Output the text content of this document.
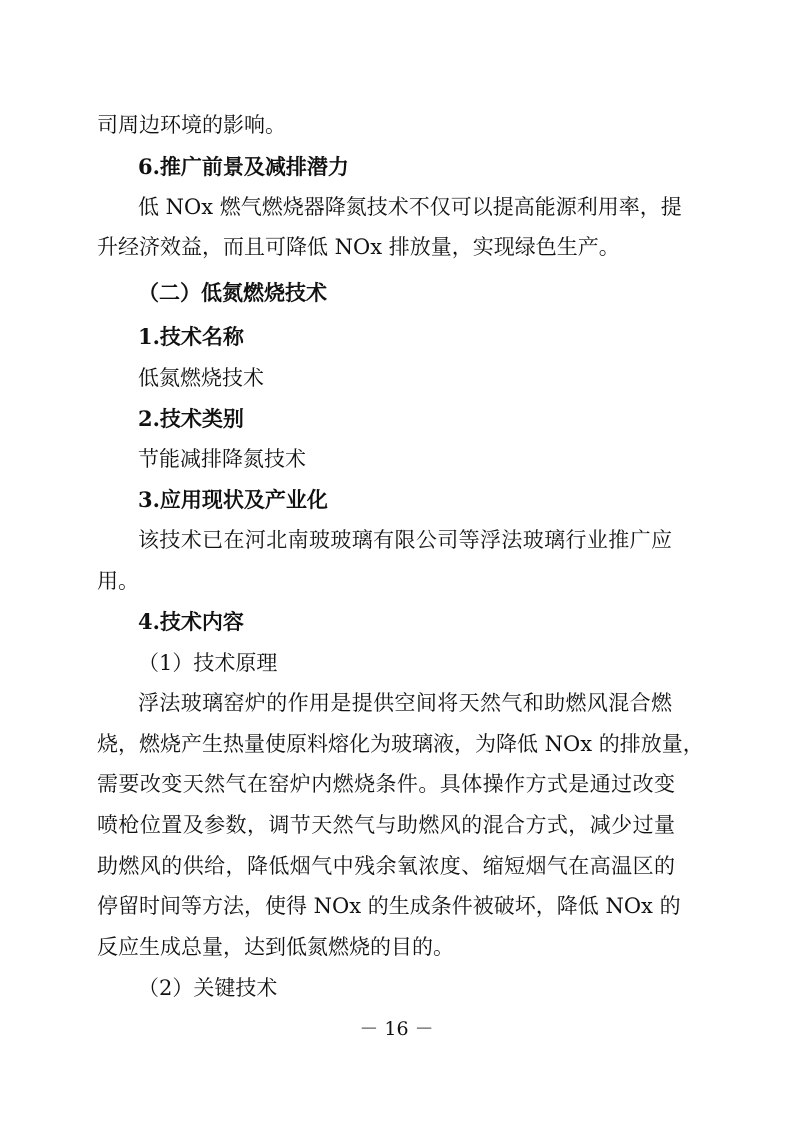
司周边环境的影响。
6.推广前景及减排潜力
低 NOx 燃气燃烧器降氮技术不仅可以提高能源利用率，提
升经济效益，而且可降低 NOx 排放量，实现绿色生产。
（二）低氮燃烧技术
1.技术名称
低氮燃烧技术
2.技术类别
节能减排降氮技术
3.应用现状及产业化
该技术已在河北南玻玻璃有限公司等浮法玻璃行业推广应
用。
4.技术内容
（1）技术原理
浮法玻璃窑炉的作用是提供空间将天然气和助燃风混合燃
烧，燃烧产生热量使原料熔化为玻璃液，为降低 NOx 的排放量，
需要改变天然气在窑炉内燃烧条件。具体操作方式是通过改变
喷枪位置及参数，调节天然气与助燃风的混合方式，减少过量
助燃风的供给，降低烟气中残余氧浓度、缩短烟气在高温区的
停留时间等方法，使得 NOx 的生成条件被破坏，降低 NOx 的
反应生成总量，达到低氮燃烧的目的。
（2）关键技术
－ 16 －
